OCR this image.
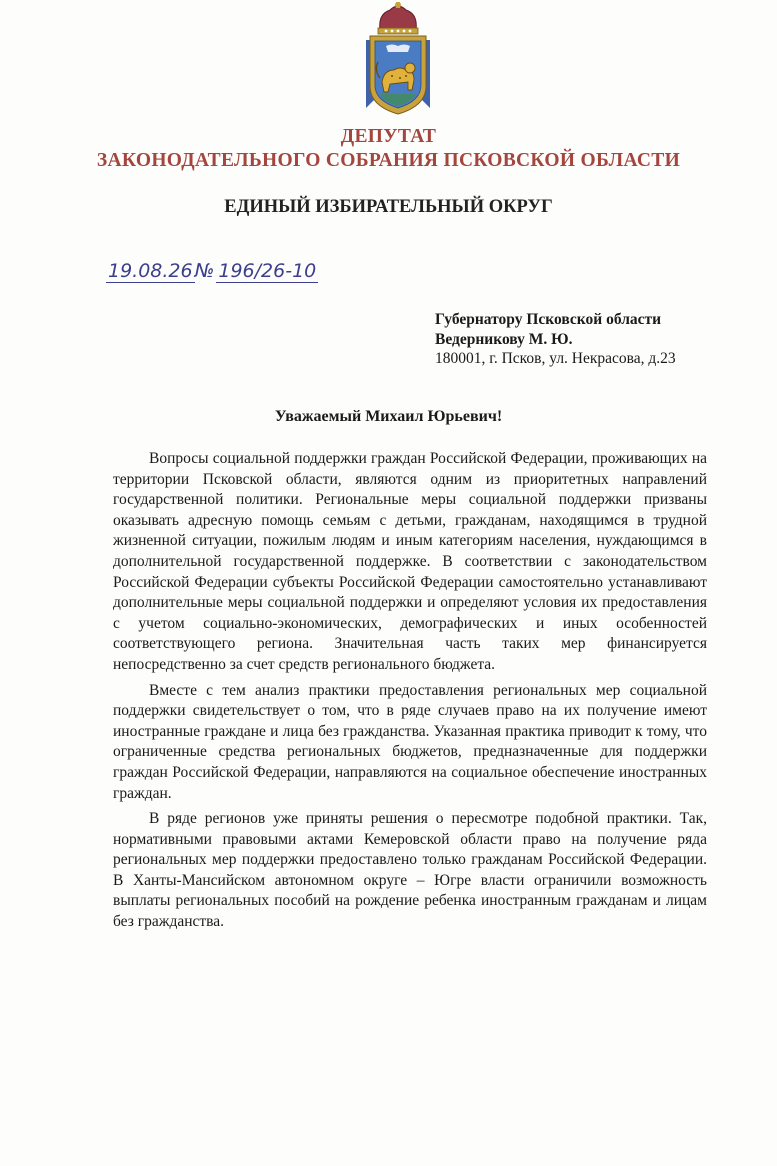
ДЕПУТАТ
ЗАКОНОДАТЕЛЬНОГО СОБРАНИЯ ПСКОВСКОЙ ОБЛАСТИ
ЕДИНЫЙ ИЗБИРАТЕЛЬНЫЙ ОКРУГ
19.08.26 № 196/26-10
Губернатору Псковской области
Ведерникову М. Ю.
180001, г. Псков, ул. Некрасова, д.23
Уважаемый Михаил Юрьевич!

Вопросы социальной поддержки граждан Российской Федерации, проживающих на территории Псковской области, являются одним из приоритетных направлений государственной политики. Региональные меры социальной поддержки призваны оказывать адресную помощь семьям с детьми, гражданам, находящимся в трудной жизненной ситуации, пожилым людям и иным категориям населения, нуждающимся в дополнительной государственной поддержке. В соответствии с законодательством Российской Федерации субъекты Российской Федерации самостоятельно устанавливают дополнительные меры социальной поддержки и определяют условия их предоставления с учетом социально-экономических, демографических и иных особенностей соответствующего региона. Значительная часть таких мер финансируется непосредственно за счет средств регионального бюджета.

Вместе с тем анализ практики предоставления региональных мер социальной поддержки свидетельствует о том, что в ряде случаев право на их получение имеют иностранные граждане и лица без гражданства. Указанная практика приводит к тому, что ограниченные средства региональных бюджетов, предназначенные для поддержки граждан Российской Федерации, направляются на социальное обеспечение иностранных граждан.

В ряде регионов уже приняты решения о пересмотре подобной практики. Так, нормативными правовыми актами Кемеровской области право на получение ряда региональных мер поддержки предоставлено только гражданам Российской Федерации. В Ханты-Мансийском автономном округе – Югре власти ограничили возможность выплаты региональных пособий на рождение ребенка иностранным гражданам и лицам без гражданства.
